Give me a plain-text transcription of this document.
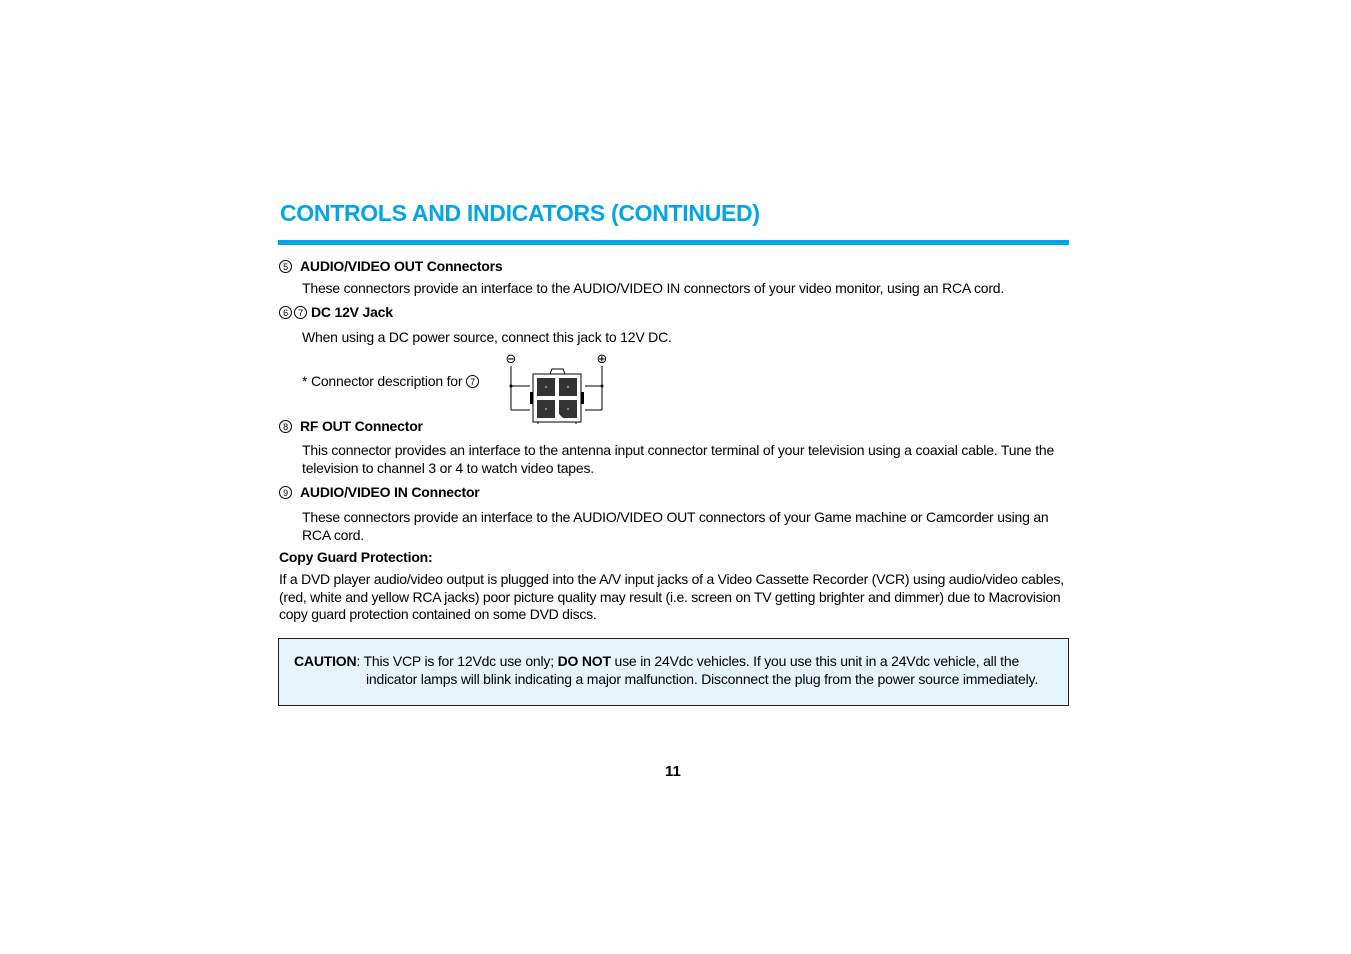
CONTROLS AND INDICATORS (CONTINUED)
5 AUDIO/VIDEO OUT Connectors
These connectors provide an interface to the AUDIO/VIDEO IN connectors of your video monitor, using an RCA cord.
6 7 DC 12V Jack
When using a DC power source, connect this jack to 12V DC.
* Connector description for 7
⊖	⊕
8 RF OUT Connector
This connector provides an interface to the antenna input connector terminal of your television using a coaxial cable. Tune the television to channel 3 or 4 to watch video tapes.
9 AUDIO/VIDEO IN Connector
These connectors provide an interface to the AUDIO/VIDEO OUT connectors of your Game machine or Camcorder using an RCA cord.
Copy Guard Protection:
If a DVD player audio/video output is plugged into the A/V input jacks of a Video Cassette Recorder (VCR) using audio/video cables, (red, white and yellow RCA jacks) poor picture quality may result (i.e. screen on TV getting brighter and dimmer) due to Macrovision copy guard protection contained on some DVD discs.
CAUTION: This VCP is for 12Vdc use only; DO NOT use in 24Vdc vehicles. If you use this unit in a 24Vdc vehicle, all the
indicator lamps will blink indicating a major malfunction. Disconnect the plug from the power source immediately.
11
